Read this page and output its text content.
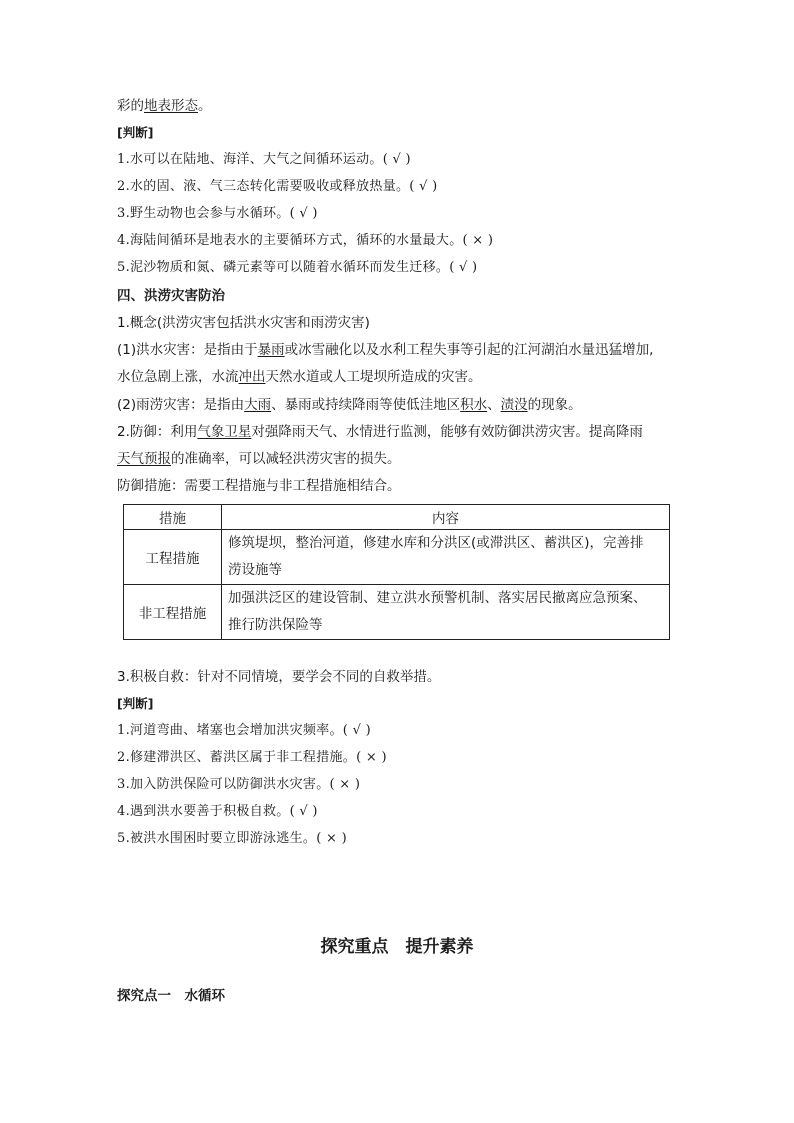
彩的地表形态。
[判断]
1.水可以在陆地、海洋、大气之间循环运动。( √ )
2.水的固、液、气三态转化需要吸收或释放热量。( √ )
3.野生动物也会参与水循环。( √ )
4.海陆间循环是地表水的主要循环方式，循环的水量最大。( × )
5.泥沙物质和氮、磷元素等可以随着水循环而发生迁移。( √ )
四、洪涝灾害防治
1.概念(洪涝灾害包括洪水灾害和雨涝灾害)
(1)洪水灾害：是指由于暴雨或冰雪融化以及水利工程失事等引起的江河湖泊水量迅猛增加,
水位急剧上涨，水流冲出天然水道或人工堤坝所造成的灾害。
(2)雨涝灾害：是指由大雨、暴雨或持续降雨等使低洼地区积水、渍没的现象。
2.防御：利用气象卫星对强降雨天气、水情进行监测，能够有效防御洪涝灾害。提高降雨
天气预报的准确率，可以减轻洪涝灾害的损失。
防御措施：需要工程措施与非工程措施相结合。
措施	内容
工程措施	修筑堤坝，整治河道，修建水库和分洪区(或滞洪区、蓄洪区)，完善排
涝设施等

非工程措施	加强洪泛区的建设管制、建立洪水预警机制、落实居民撤离应急预案、
推行防洪保险等
3.积极自救：针对不同情境，要学会不同的自救举措。
[判断]
1.河道弯曲、堵塞也会增加洪灾频率。( √ )
2.修建滞洪区、蓄洪区属于非工程措施。( × )
3.加入防洪保险可以防御洪水灾害。( × )
4.遇到洪水要善于积极自救。( √ )
5.被洪水围困时要立即游泳逃生。( × )
探究重点　提升素养
探究点一　水循环
